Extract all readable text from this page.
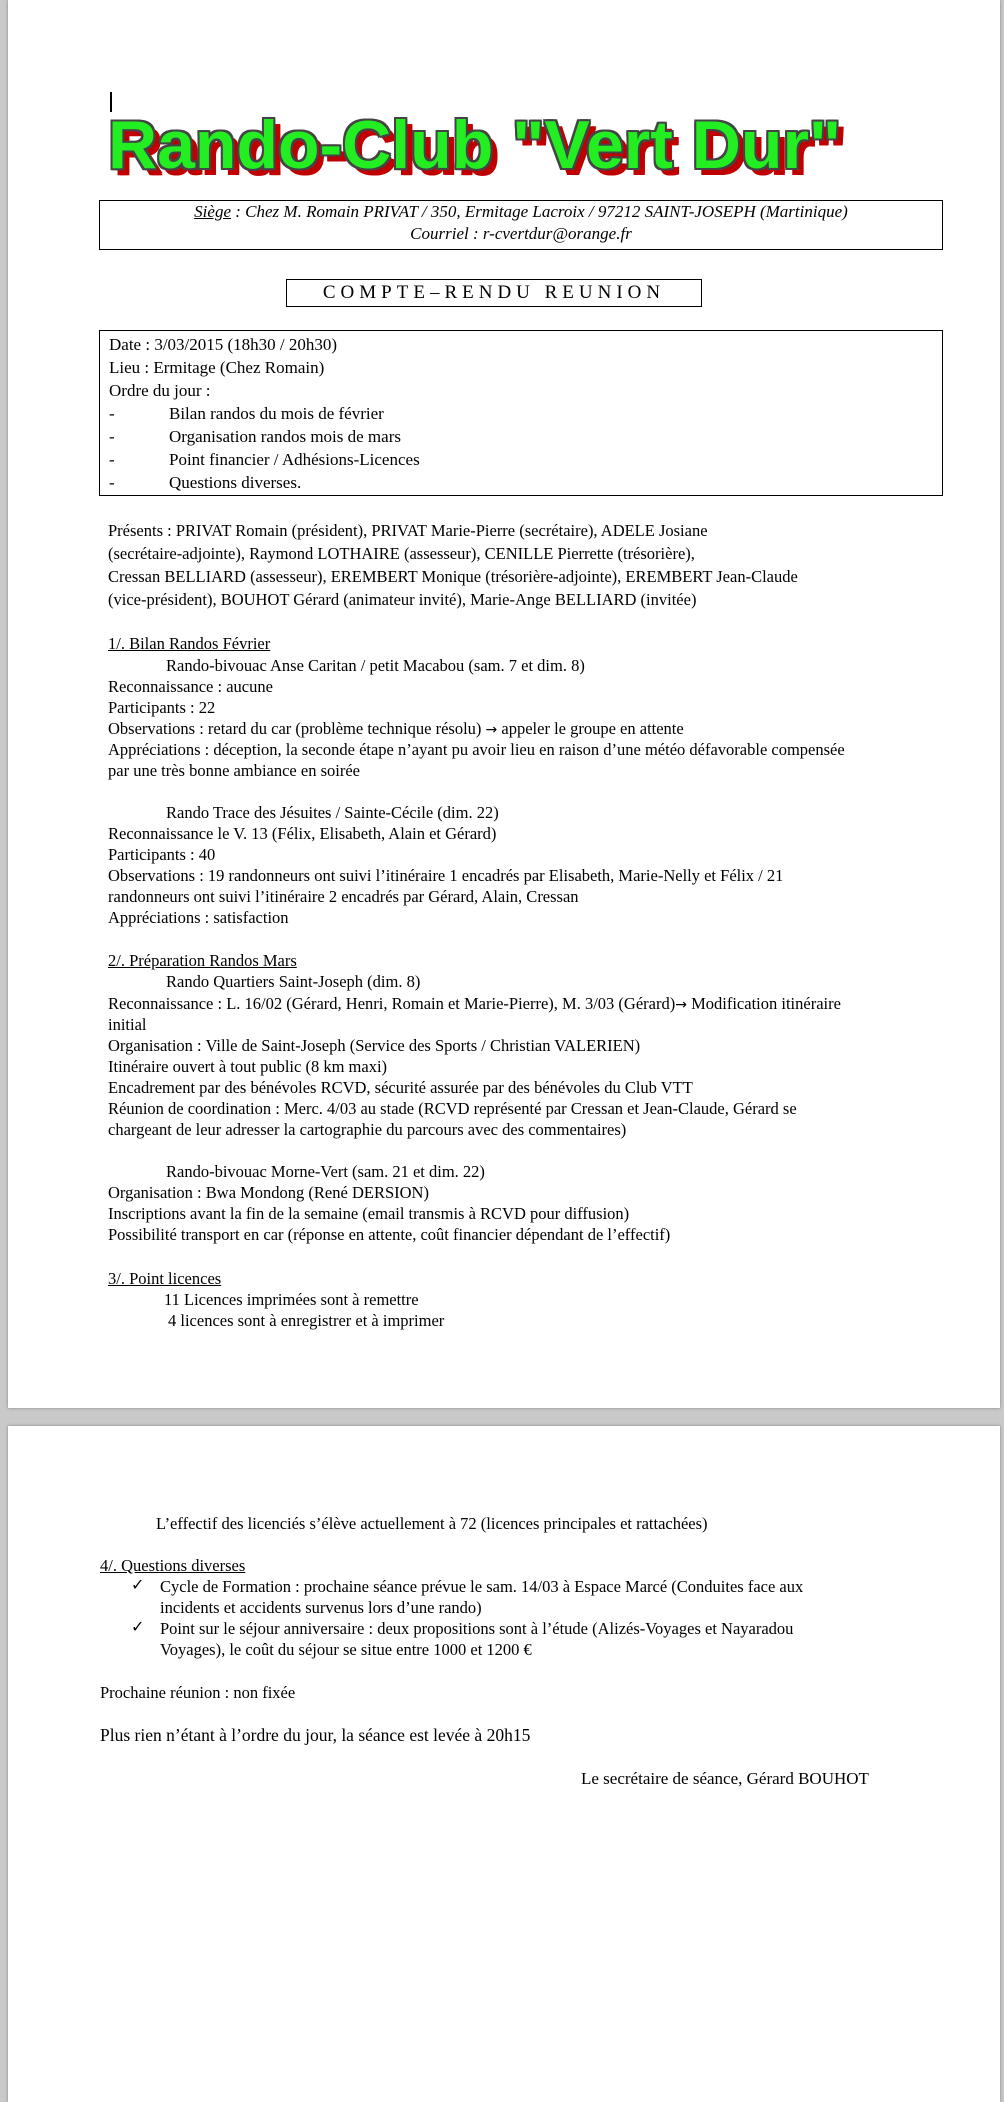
Rando-Club "Vert Dur"
Siège : Chez M. Romain PRIVAT / 350, Ermitage Lacroix / 97212 SAINT-JOSEPH (Martinique)
Courriel : r-cvertdur@orange.fr
COMPTE–RENDU REUNION
Date : 3/03/2015 (18h30 / 20h30)
Lieu : Ermitage (Chez Romain)
Ordre du jour :
-	Bilan randos du mois de février
-	Organisation randos mois de mars
-	Point financier / Adhésions-Licences
-	Questions diverses.
Présents : PRIVAT Romain (président), PRIVAT Marie-Pierre (secrétaire), ADELE Josiane
(secrétaire-adjointe), Raymond LOTHAIRE (assesseur), CENILLE Pierrette (trésorière),
Cressan BELLIARD (assesseur), EREMBERT Monique (trésorière-adjointe), EREMBERT Jean-Claude
(vice-président), BOUHOT Gérard (animateur invité), Marie-Ange BELLIARD (invitée)
1/. Bilan Randos Février
Rando-bivouac Anse Caritan / petit Macabou (sam. 7 et dim. 8)
Reconnaissance : aucune
Participants : 22
Observations : retard du car (problème technique résolu) → appeler le groupe en attente
Appréciations : déception, la seconde étape n’ayant pu avoir lieu en raison d’une météo défavorable compensée
par une très bonne ambiance en soirée
Rando Trace des Jésuites / Sainte-Cécile (dim. 22)
Reconnaissance le V. 13 (Félix, Elisabeth, Alain et Gérard)
Participants : 40
Observations : 19 randonneurs ont suivi l’itinéraire 1 encadrés par Elisabeth, Marie-Nelly et Félix / 21
randonneurs ont suivi l’itinéraire 2 encadrés par Gérard, Alain, Cressan
Appréciations : satisfaction
2/. Préparation Randos Mars
Rando Quartiers Saint-Joseph (dim. 8)
Reconnaissance : L. 16/02 (Gérard, Henri, Romain et Marie-Pierre), M. 3/03 (Gérard)→ Modification itinéraire
initial
Organisation : Ville de Saint-Joseph (Service des Sports / Christian VALERIEN)
Itinéraire ouvert à tout public (8 km maxi)
Encadrement par des bénévoles RCVD, sécurité assurée par des bénévoles du Club VTT
Réunion de coordination : Merc. 4/03 au stade (RCVD représenté par Cressan et Jean-Claude, Gérard se
chargeant de leur adresser la cartographie du parcours avec des commentaires)
Rando-bivouac Morne-Vert (sam. 21 et dim. 22)
Organisation : Bwa Mondong (René DERSION)
Inscriptions avant la fin de la semaine (email transmis à RCVD pour diffusion)
Possibilité transport en car (réponse en attente, coût financier dépendant de l’effectif)
3/. Point licences
11 Licences imprimées sont à remettre
4 licences sont à enregistrer et à imprimer
L’effectif des licenciés s’élève actuellement à 72 (licences principales et rattachées)
4/. Questions diverses
✓ Cycle de Formation : prochaine séance prévue le sam. 14/03 à Espace Marcé (Conduites face aux
incidents et accidents survenus lors d’une rando)
✓ Point sur le séjour anniversaire : deux propositions sont à l’étude (Alizés-Voyages et Nayaradou
Voyages), le coût du séjour se situe entre 1000 et 1200 €
Prochaine réunion : non fixée
Plus rien n’étant à l’ordre du jour, la séance est levée à 20h15
Le secrétaire de séance, Gérard BOUHOT
